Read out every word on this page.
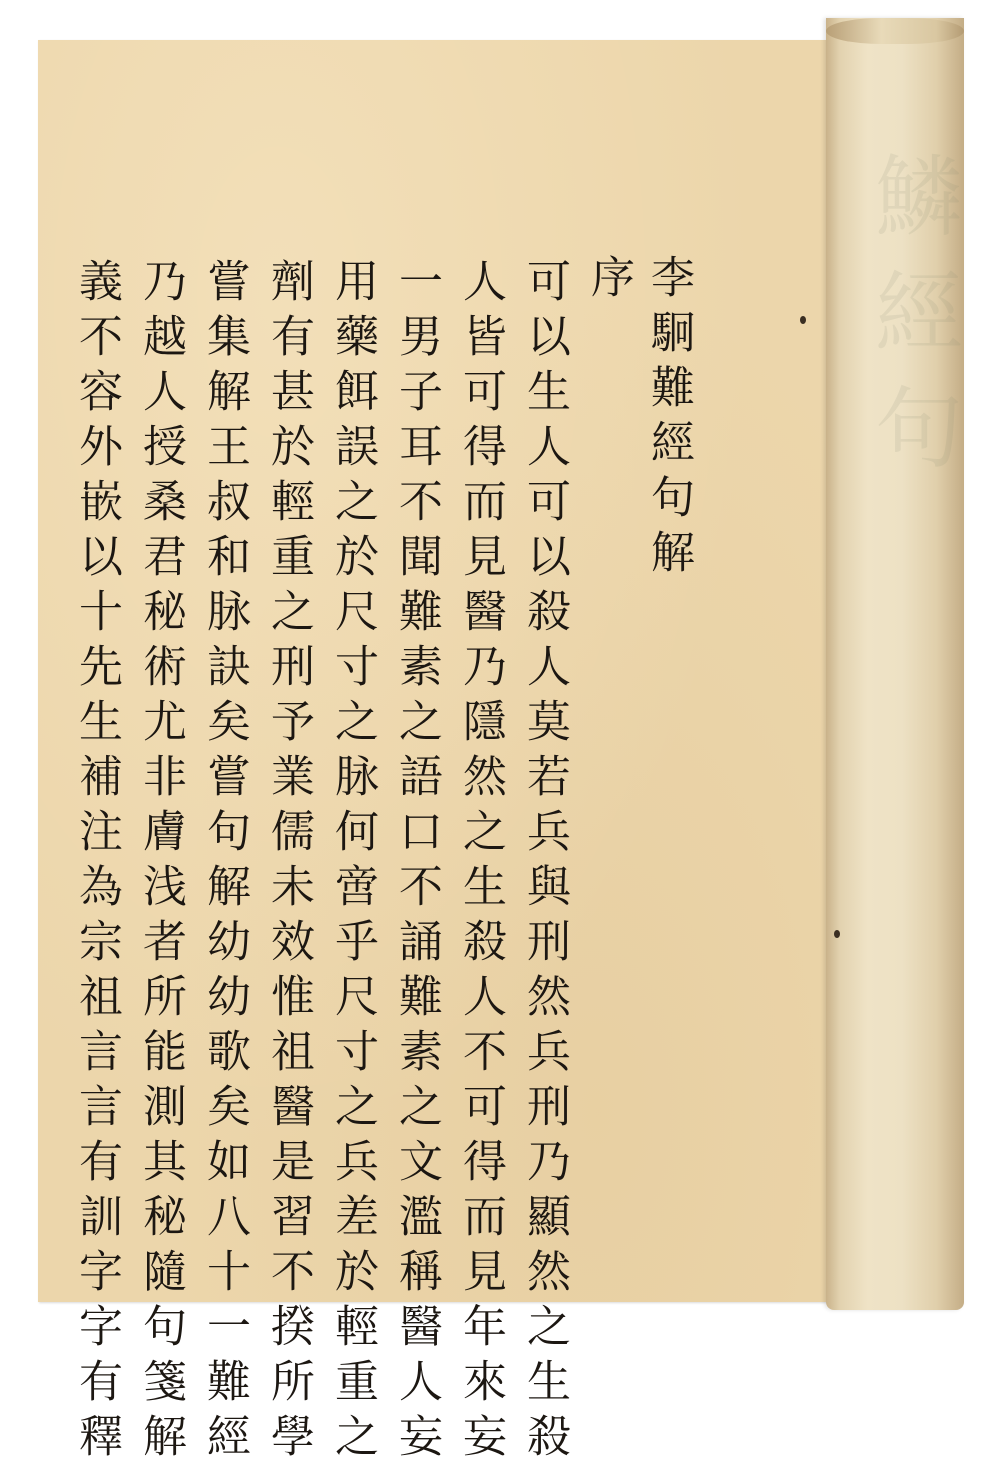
鱗 經 句
李駉難經句解
序
可以生人可以殺人莫若兵與刑然兵刑乃顯然之生殺
人皆可得而見醫乃隱然之生殺人不可得而見年來妄
一男子耳不聞難素之語口不誦難素之文濫稱醫人妄
用藥餌誤之於尺寸之脉何啻乎尺寸之兵差於輕重之
劑有甚於輕重之刑予業儒未效惟祖醫是習不揆所學
嘗集解王叔和脉訣矣嘗句解幼幼歌矣如八十一難經
乃越人授桑君秘術尤非膚浅者所能測其秘隨句箋解
義不容外嵌以十先生補注為宗祖言言有訓字字有釋
